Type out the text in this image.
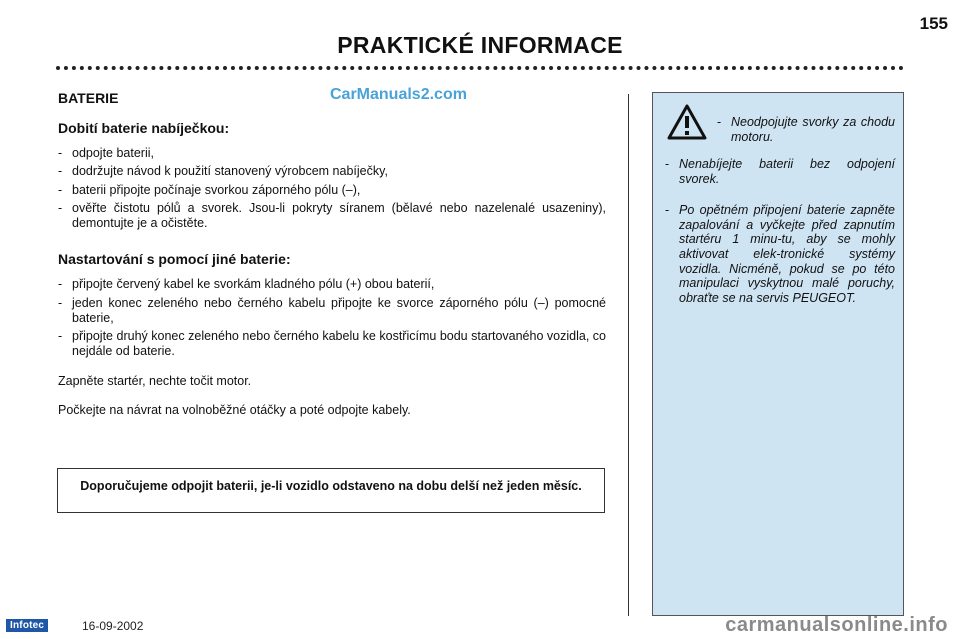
155
PRAKTICKÉ INFORMACE
CarManuals2.com
BATERIE
Dobití baterie nabíječkou:
- odpojte baterii,
- dodržujte návod k použití stanovený výrobcem nabíječky,
- baterii připojte počínaje svorkou záporného pólu (–),
- ověřte čistotu pólů a svorek. Jsou-li pokryty síranem (bělavé nebo nazelenalé usazeniny), demontujte je a očistěte.
Nastartování s pomocí jiné baterie:
- připojte červený kabel ke svorkám kladného pólu (+) obou baterií,
- jeden konec zeleného nebo černého kabelu připojte ke svorce záporného pólu (–) pomocné baterie,
- připojte druhý konec zeleného nebo černého kabelu ke kostřicímu bodu startovaného vozidla, co nejdále od baterie.

Zapněte startér, nechte točit motor.

Počkejte na návrat na volnoběžné otáčky a poté odpojte kabely.

Doporučujeme odpojit baterii, je-li vozidlo odstaveno na dobu delší než jeden měsíc.
- Neodpojujte svorky za chodu motoru.
- Nenabíjejte baterii bez odpojení svorek.
- Po opětném připojení baterie zapněte zapalování a vyčkejte před zapnutím startéru 1 minu-tu, aby se mohly aktivovat elek-tronické systémy vozidla. Nicméně, pokud se po této manipulaci vyskytnou malé poruchy, obraťte se na servis PEUGEOT.
Infotec	16-09-2002	carmanualsonline.info
